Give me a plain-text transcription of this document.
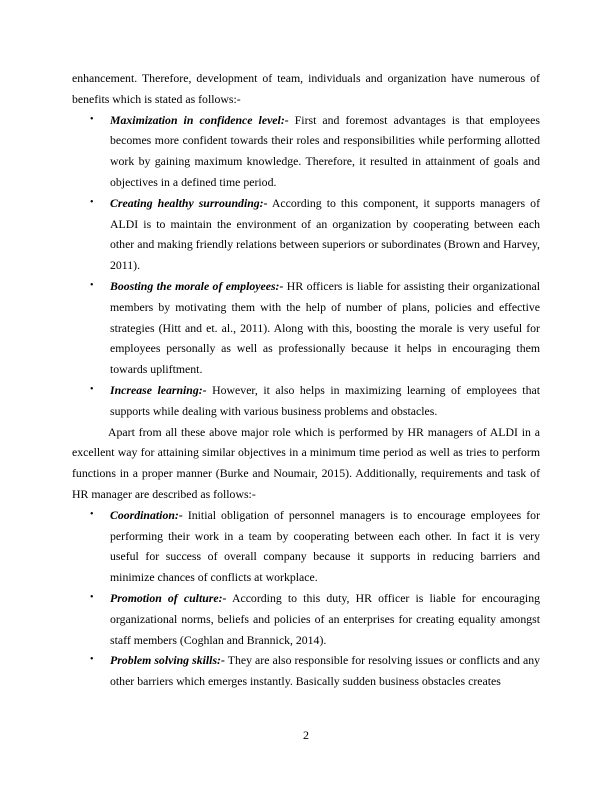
enhancement. Therefore, development of team, individuals and organization have numerous of benefits which is stated as follows:-

• Maximization in confidence level:- First and foremost advantages is that employees becomes more confident towards their roles and responsibilities while performing allotted work by gaining maximum knowledge. Therefore, it resulted in attainment of goals and objectives in a defined time period.
• Creating healthy surrounding:- According to this component, it supports managers of ALDI is to maintain the environment of an organization by cooperating between each other and making friendly relations between superiors or subordinates (Brown and Harvey, 2011).
• Boosting the morale of employees:- HR officers is liable for assisting their organizational members by motivating them with the help of number of plans, policies and effective strategies (Hitt and et. al., 2011). Along with this, boosting the morale is very useful for employees personally as well as professionally because it helps in encouraging them towards upliftment.
• Increase learning:- However, it also helps in maximizing learning of employees that supports while dealing with various business problems and obstacles.

Apart from all these above major role which is performed by HR managers of ALDI in a excellent way for attaining similar objectives in a minimum time period as well as tries to perform functions in a proper manner (Burke and Noumair, 2015). Additionally, requirements and task of HR manager are described as follows:-

• Coordination:- Initial obligation of personnel managers is to encourage employees for performing their work in a team by cooperating between each other. In fact it is very useful for success of overall company because it supports in reducing barriers and minimize chances of conflicts at workplace.
• Promotion of culture:- According to this duty, HR officer is liable for encouraging organizational norms, beliefs and policies of an enterprises for creating equality amongst staff members (Coghlan and Brannick, 2014).
• Problem solving skills:- They are also responsible for resolving issues or conflicts and any other barriers which emerges instantly. Basically sudden business obstacles creates
2
